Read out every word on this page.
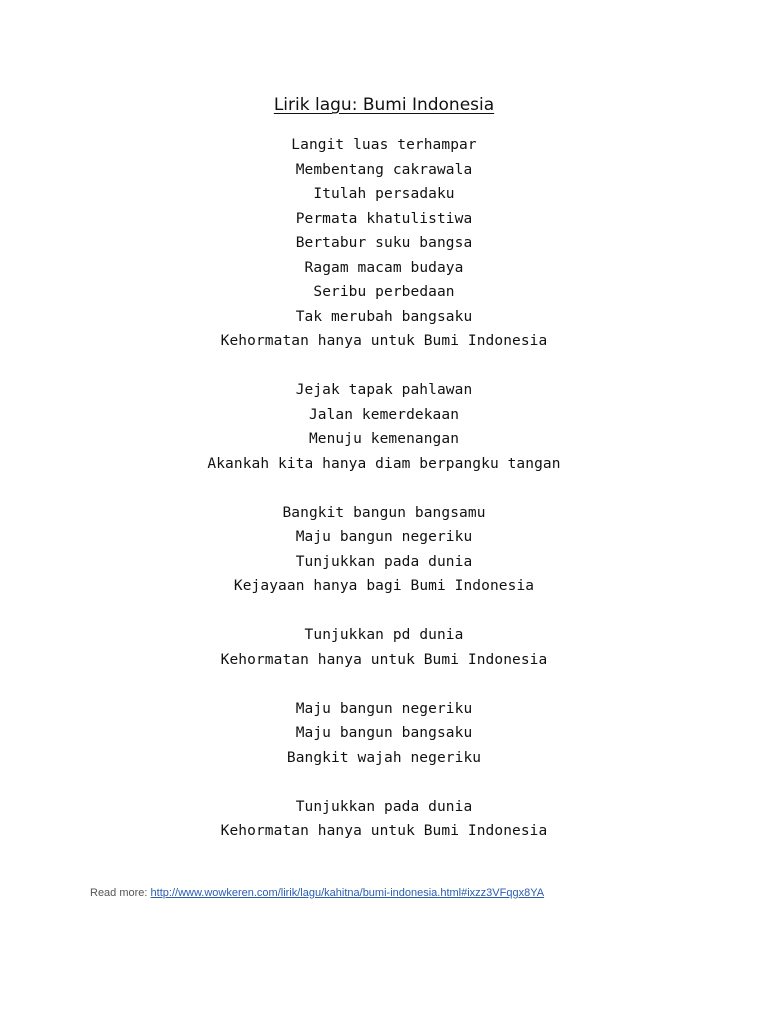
Lirik lagu: Bumi Indonesia
Langit luas terhampar
Membentang cakrawala
Itulah persadaku
Permata khatulistiwa
Bertabur suku bangsa
Ragam macam budaya
Seribu perbedaan
Tak merubah bangsaku
Kehormatan hanya untuk Bumi Indonesia
Jejak tapak pahlawan
Jalan kemerdekaan
Menuju kemenangan
Akankah kita hanya diam berpangku tangan
Bangkit bangun bangsamu
Maju bangun negeriku
Tunjukkan pada dunia
Kejayaan hanya bagi Bumi Indonesia
Tunjukkan pd dunia
Kehormatan hanya untuk Bumi Indonesia
Maju bangun negeriku
Maju bangun bangsaku
Bangkit wajah negeriku
Tunjukkan pada dunia
Kehormatan hanya untuk Bumi Indonesia
Read more: http://www.wowkeren.com/lirik/lagu/kahitna/bumi-indonesia.html#ixzz3VFqgx8YA
